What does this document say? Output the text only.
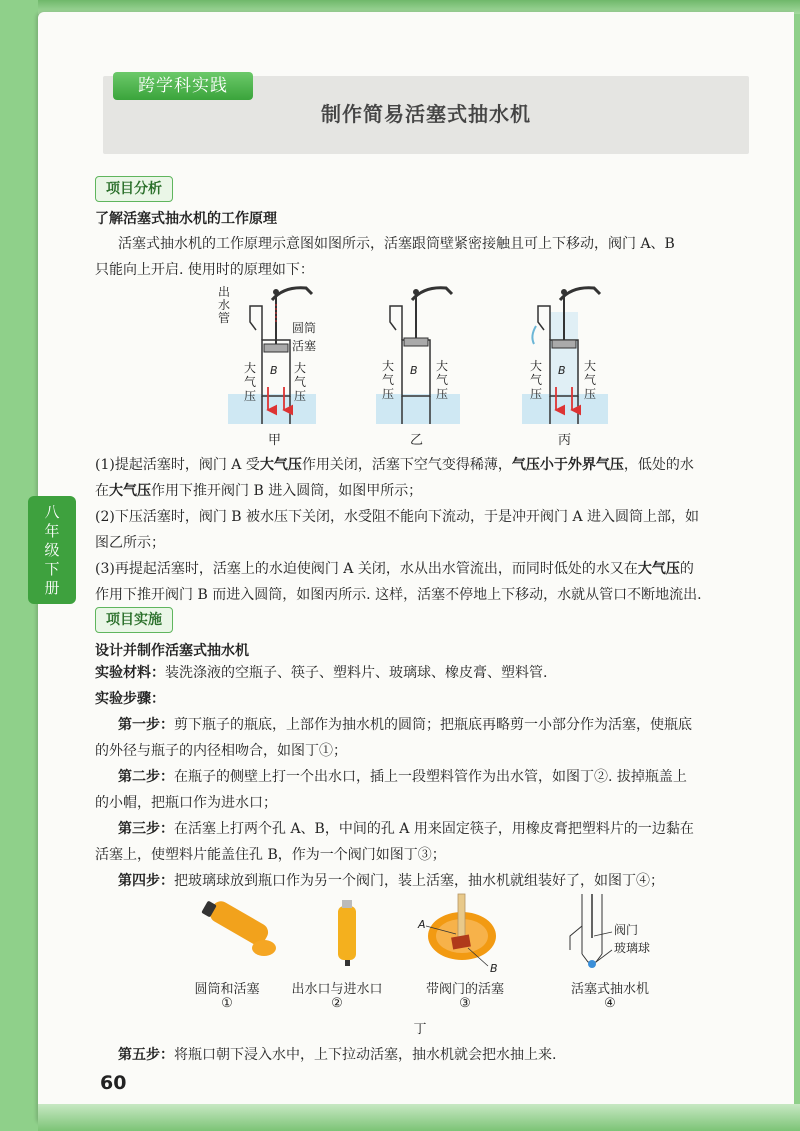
跨学科实践
制作简易活塞式抽水机
八
年
级
下
册
项目分析
了解活塞式抽水机的工作原理
活塞式抽水机的工作原理示意图如图所示，活塞跟筒壁紧密接触且可上下移动，阀门 A、B
只能向上开启. 使用时的原理如下：
B
出水管
圆筒
活塞
大气压
大气压
B
大气压
大气压
B
大气压
大气压
甲	乙	丙
(1)提起活塞时，阀门 A 受大气压作用关闭，活塞下空气变得稀薄，气压小于外界气压，低处的水
在大气压作用下推开阀门 B 进入圆筒，如图甲所示；
(2)下压活塞时，阀门 B 被水压下关闭，水受阻不能向下流动，于是冲开阀门 A 进入圆筒上部，如
图乙所示；
(3)再提起活塞时，活塞上的水迫使阀门 A 关闭，水从出水管流出，而同时低处的水又在大气压的
作用下推开阀门 B 而进入圆筒，如图丙所示. 这样，活塞不停地上下移动，水就从管口不断地流出.
项目实施
设计并制作活塞式抽水机
实验材料：装洗涤液的空瓶子、筷子、塑料片、玻璃球、橡皮膏、塑料管.
实验步骤：
第一步：剪下瓶子的瓶底，上部作为抽水机的圆筒；把瓶底再略剪一小部分作为活塞，使瓶底
的外径与瓶子的内径相吻合，如图丁①；
第二步：在瓶子的侧壁上打一个出水口，插上一段塑料管作为出水管，如图丁②. 拔掉瓶盖上
的小帽，把瓶口作为进水口；
第三步：在活塞上打两个孔 A、B，中间的孔 A 用来固定筷子，用橡皮膏把塑料片的一边黏在
活塞上，使塑料片能盖住孔 B，作为一个阀门如图丁③；
第四步：把玻璃球放到瓶口作为另一个阀门，装上活塞，抽水机就组装好了，如图丁④；
A
B
阀门
玻璃球
圆筒和活塞
①
出水口与进水口
②
带阀门的活塞
③
活塞式抽水机
④
丁
第五步：将瓶口朝下浸入水中，上下拉动活塞，抽水机就会把水抽上来.
60
